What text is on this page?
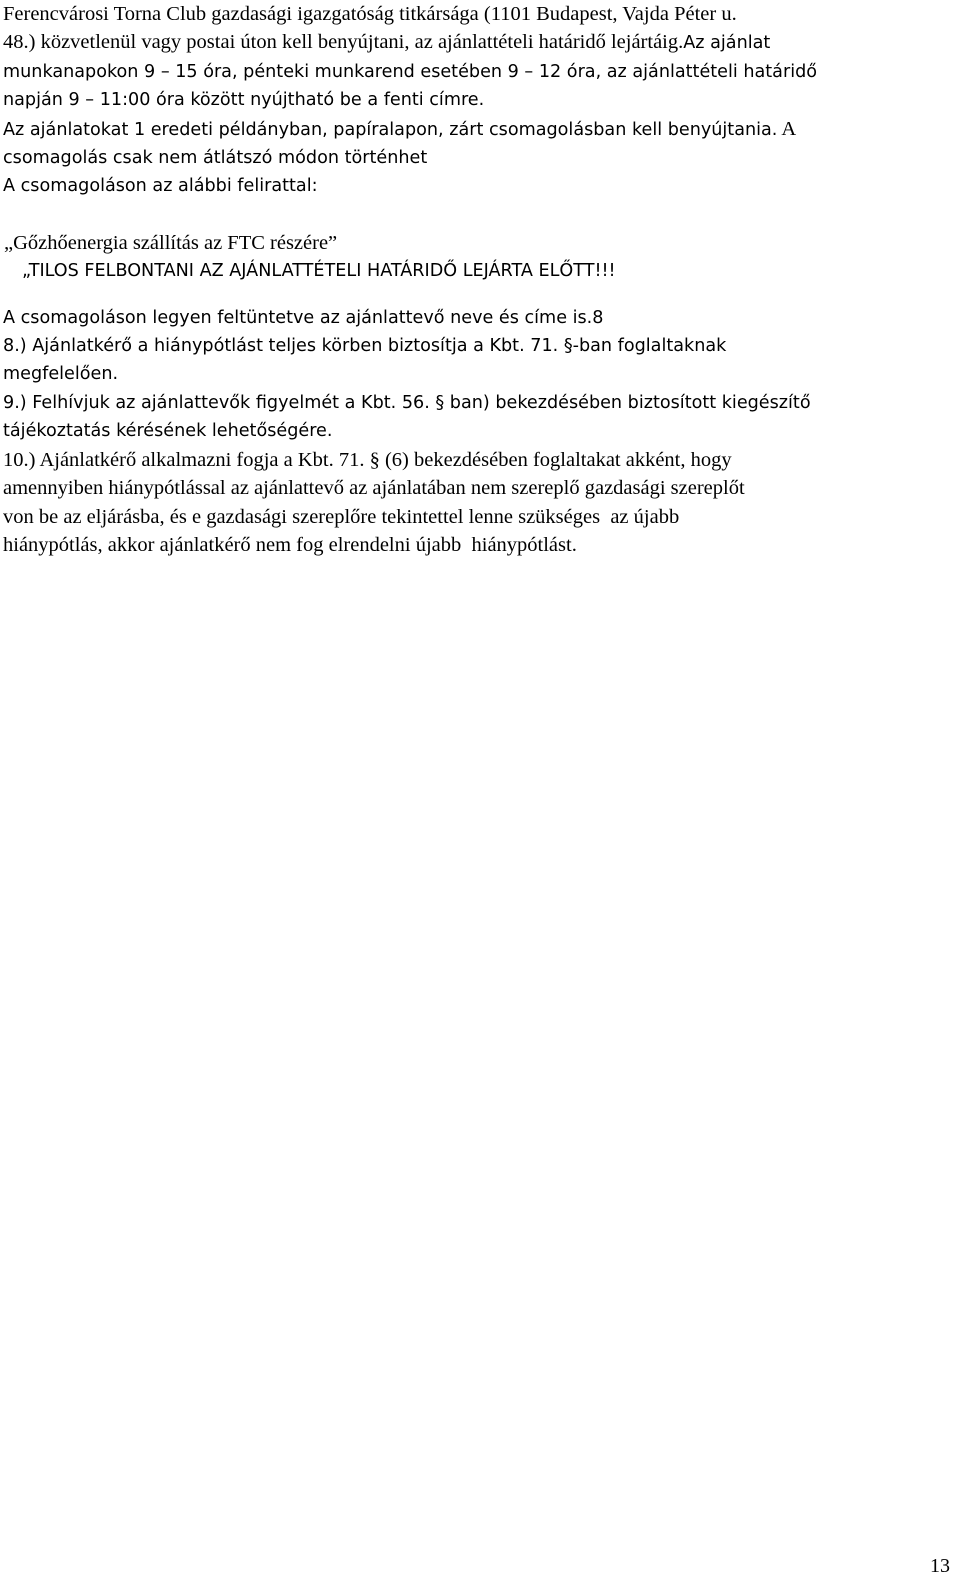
Ferencvárosi Torna Club gazdasági igazgatóság titkársága (1101 Budapest, Vajda Péter u.
48.) közvetlenül vagy postai úton kell benyújtani, az ajánlattételi határidő lejártáig.Az ajánlat
munkanapokon 9 – 15 óra, pénteki munkarend esetében 9 – 12 óra, az ajánlattételi határidő
napján 9 – 11:00 óra között nyújtható be a fenti címre.
Az ajánlatokat 1 eredeti példányban, papíralapon, zárt csomagolásban kell benyújtania. A
csomagolás csak nem átlátszó módon történhet
A csomagoláson az alábbi felirattal:
„Gőzhőenergia szállítás az FTC részére”
„TILOS FELBONTANI AZ AJÁNLATTÉTELI HATÁRIDŐ LEJÁRTA ELŐTT!!!
A csomagoláson legyen feltüntetve az ajánlattevő neve és címe is.8
8.) Ajánlatkérő a hiánypótlást teljes körben biztosítja a Kbt. 71. §-ban foglaltaknak
megfelelően.
9.) Felhívjuk az ajánlattevők figyelmét a Kbt. 56. § ban) bekezdésében biztosított kiegészítő
tájékoztatás kérésének lehetőségére.
10.) Ajánlatkérő alkalmazni fogja a Kbt. 71. § (6) bekezdésében foglaltakat akként, hogy
amennyiben hiánypótlással az ajánlattevő az ajánlatában nem szereplő gazdasági szereplőt
von be az eljárásba, és e gazdasági szereplőre tekintettel lenne szükséges  az újabb
hiánypótlás, akkor ajánlatkérő nem fog elrendelni újabb  hiánypótlást.
13
